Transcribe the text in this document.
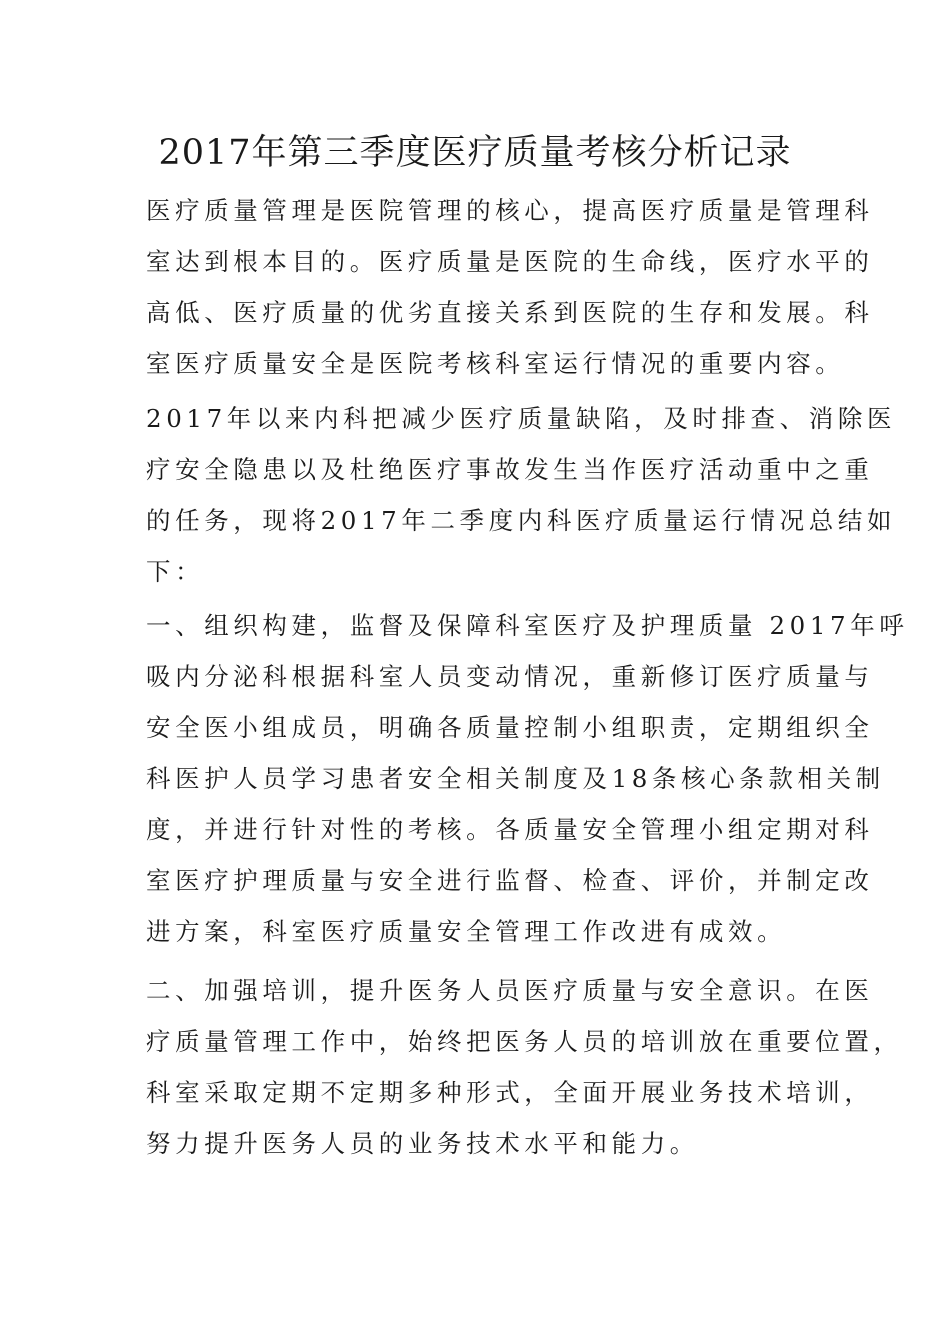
2017年第三季度医疗质量考核分析记录
医疗质量管理是医院管理的核心，提高医疗质量是管理科
室达到根本目的。医疗质量是医院的生命线，医疗水平的
高低、医疗质量的优劣直接关系到医院的生存和发展。科
室医疗质量安全是医院考核科室运行情况的重要内容。
2017年以来内科把减少医疗质量缺陷，及时排查、消除医
疗安全隐患以及杜绝医疗事故发生当作医疗活动重中之重
的任务，现将2017年二季度内科医疗质量运行情况总结如
下：
一、组织构建，监督及保障科室医疗及护理质量 2017年呼
吸内分泌科根据科室人员变动情况，重新修订医疗质量与
安全医小组成员，明确各质量控制小组职责，定期组织全
科医护人员学习患者安全相关制度及18条核心条款相关制
度，并进行针对性的考核。各质量安全管理小组定期对科
室医疗护理质量与安全进行监督、检查、评价，并制定改
进方案，科室医疗质量安全管理工作改进有成效。
二、加强培训，提升医务人员医疗质量与安全意识。在医
疗质量管理工作中，始终把医务人员的培训放在重要位置，
科室采取定期不定期多种形式，全面开展业务技术培训，
努力提升医务人员的业务技术水平和能力。
